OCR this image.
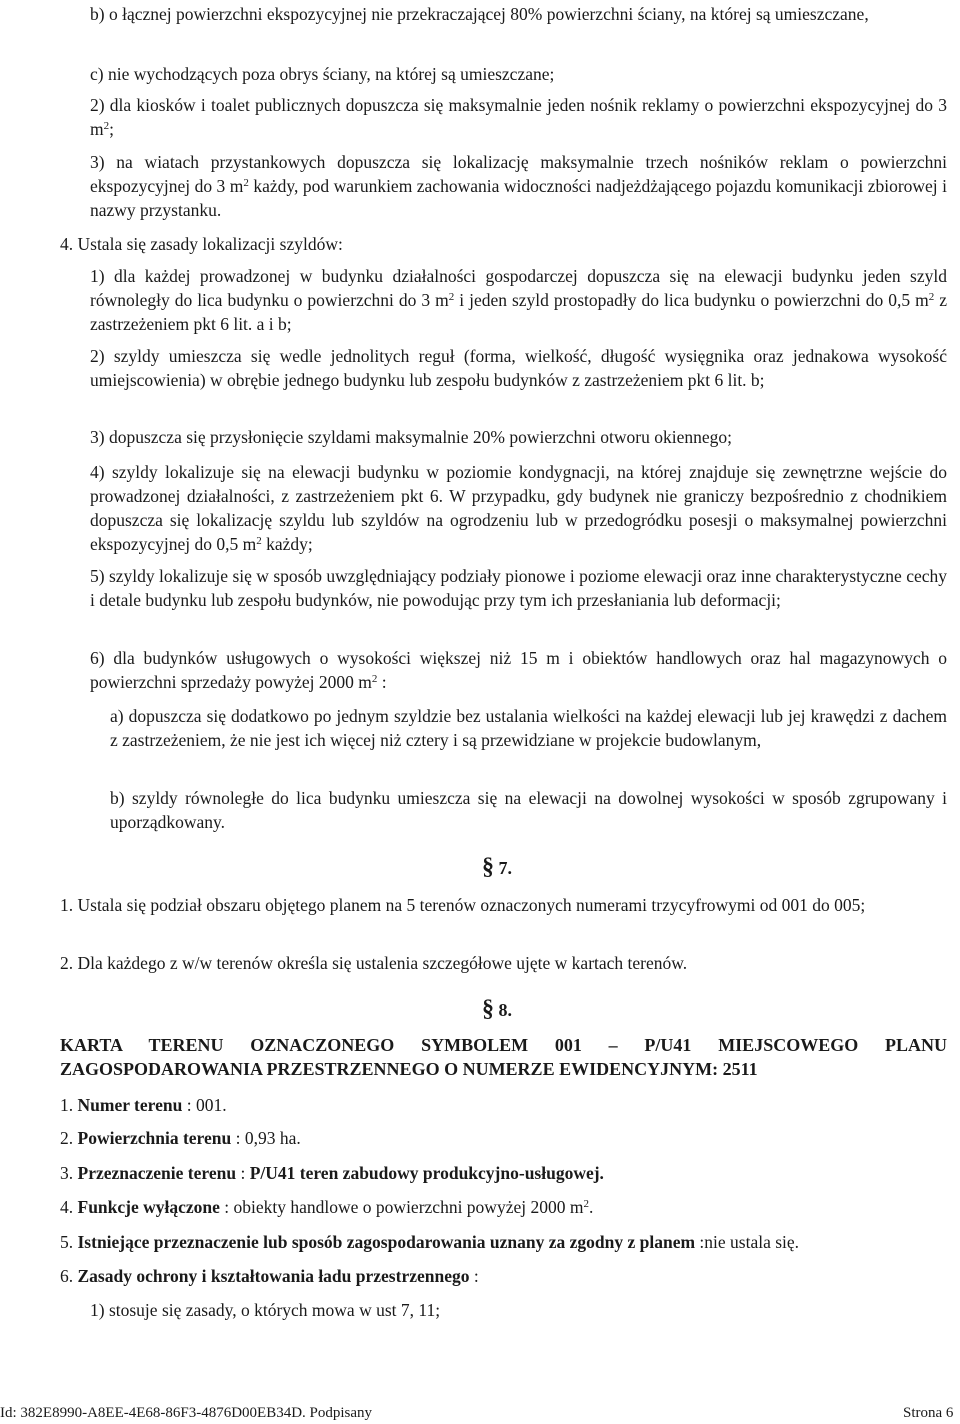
b) o łącznej powierzchni ekspozycyjnej nie przekraczającej 80% powierzchni ściany, na której są umieszczane,

c) nie wychodzących poza obrys ściany, na której są umieszczane;

2) dla kiosków i toalet publicznych dopuszcza się maksymalnie jeden nośnik reklamy o powierzchni ekspozycyjnej do 3 $m^2$;

3) na wiatach przystankowych dopuszcza się lokalizację maksymalnie trzech nośników reklam o powierzchni ekspozycyjnej do 3 $m^2$ każdy, pod warunkiem zachowania widoczności nadjeżdżającego pojazdu komunikacji zbiorowej i nazwy przystanku.

4. Ustala się zasady lokalizacji szyldów:

1) dla każdej prowadzonej w budynku działalności gospodarczej dopuszcza się na elewacji budynku jeden szyld równoległy do lica budynku o powierzchni do 3 $m^2$ i jeden szyld prostopadły do lica budynku o powierzchni do 0,5 $m^2$ z zastrzeżeniem pkt 6 lit. a i b;

2) szyldy umieszcza się wedle jednolitych reguł (forma, wielkość, długość wysięgnika oraz jednakowa wysokość umiejscowienia) w obrębie jednego budynku lub zespołu budynków z zastrzeżeniem pkt 6 lit. b;

3) dopuszcza się przysłonięcie szyldami maksymalnie 20% powierzchni otworu okiennego;

4) szyldy lokalizuje się na elewacji budynku w poziomie kondygnacji, na której znajduje się zewnętrzne wejście do prowadzonej działalności, z zastrzeżeniem pkt 6. W przypadku, gdy budynek nie graniczy bezpośrednio z chodnikiem dopuszcza się lokalizację szyldu lub szyldów na ogrodzeniu lub w przedogródku posesji o maksymalnej powierzchni ekspozycyjnej do 0,5 $m^2$ każdy;

5) szyldy lokalizuje się w sposób uwzględniający podziały pionowe i poziome elewacji oraz inne charakterystyczne cechy i detale budynku lub zespołu budynków, nie powodując przy tym ich przesłaniania lub deformacji;

6) dla budynków usługowych o wysokości większej niż 15 m i obiektów handlowych oraz hal magazynowych o powierzchni sprzedaży powyżej 2000 $m^2$ :

a) dopuszcza się dodatkowo po jednym szyldzie bez ustalania wielkości na każdej elewacji lub jej krawędzi z dachem z zastrzeżeniem, że nie jest ich więcej niż cztery i są przewidziane w projekcie budowlanym,

b) szyldy równoległe do lica budynku umieszcza się na elewacji na dowolnej wysokości w sposób zgrupowany i uporządkowany.

§ 7.

1. Ustala się podział obszaru objętego planem na 5 terenów oznaczonych numerami trzycyfrowymi od 001 do 005;

2. Dla każdego z w/w terenów określa się ustalenia szczegółowe ujęte w kartach terenów.

§ 8.

KARTA TERENU OZNACZONEGO SYMBOLEM 001 – P/U41 MIEJSCOWEGO PLANU ZAGOSPODAROWANIA PRZESTRZENNEGO O NUMERZE EWIDENCYJNYM: 2511

1. Numer terenu : 001.

2. Powierzchnia terenu : 0,93 ha.

3. Przeznaczenie terenu : P/U41 teren zabudowy produkcyjno-usługowej.

4. Funkcje wyłączone : obiekty handlowe o powierzchni powyżej 2000 $m^2$.

5. Istniejące przeznaczenie lub sposób zagospodarowania uznany za zgodny z planem :nie ustala się.

6. Zasady ochrony i kształtowania ładu przestrzennego :

1) stosuje się zasady, o których mowa w ust 7, 11;

Id: 382E8990-A8EE-4E68-86F3-4876D00EB34D. Podpisany	Strona 6
